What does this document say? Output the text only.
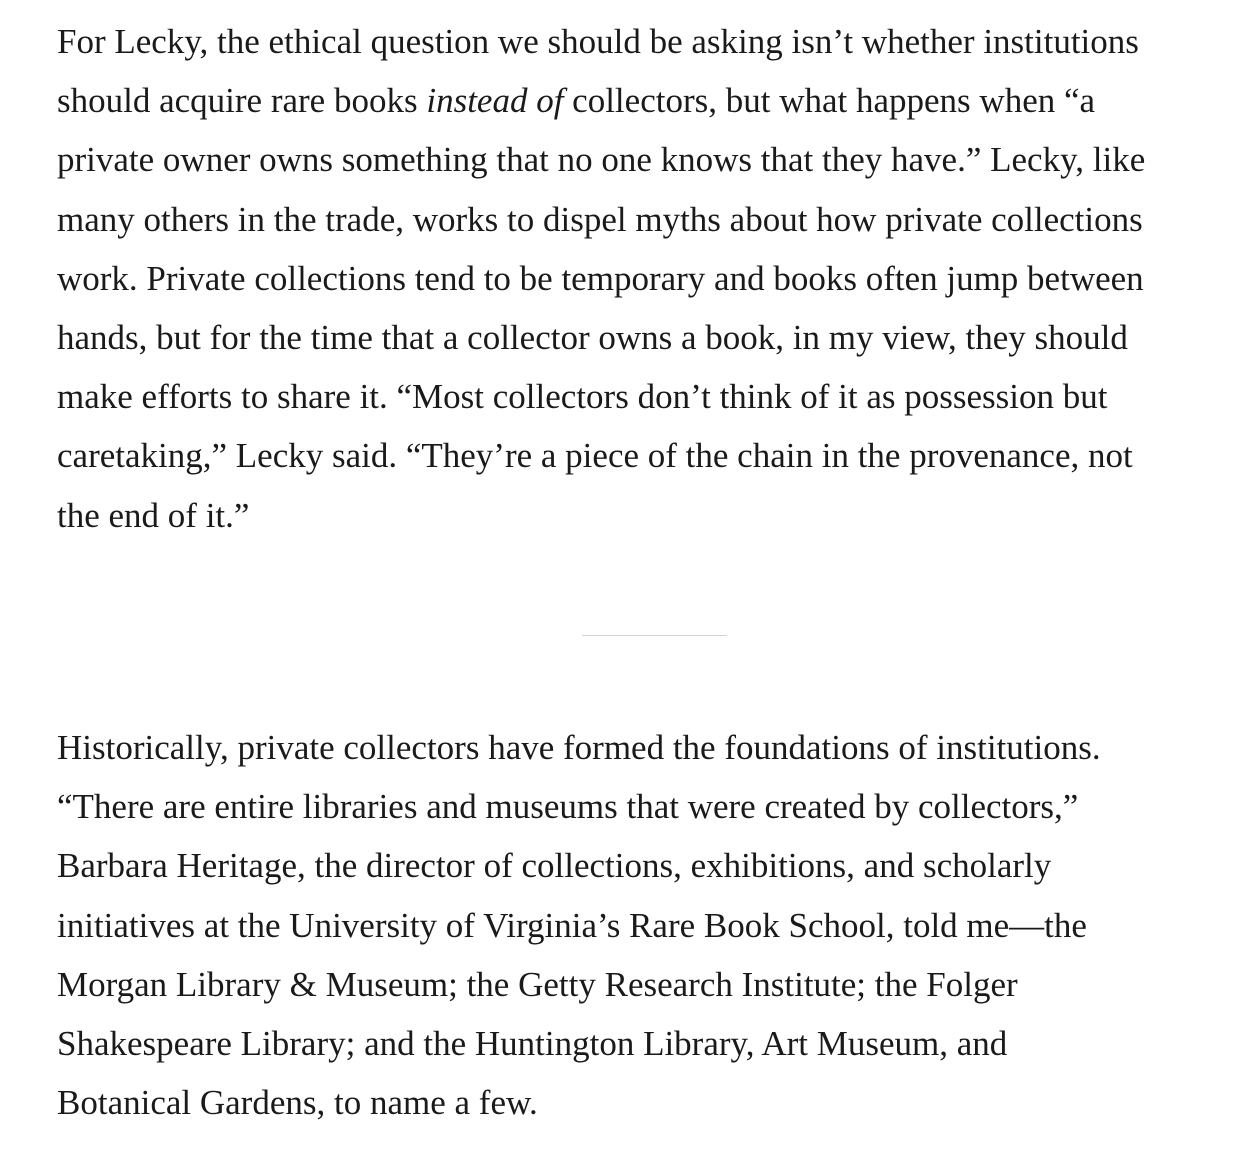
For Lecky, the ethical question we should be asking isn’t whether institutions
should acquire rare books instead of collectors, but what happens when “a
private owner owns something that no one knows that they have.” Lecky, like
many others in the trade, works to dispel myths about how private collections
work. Private collections tend to be temporary and books often jump between
hands, but for the time that a collector owns a book, in my view, they should
make efforts to share it. “Most collectors don’t think of it as possession but
caretaking,” Lecky said. “They’re a piece of the chain in the provenance, not
the end of it.”

Historically, private collectors have formed the foundations of institutions.
“There are entire libraries and museums that were created by collectors,”
Barbara Heritage, the director of collections, exhibitions, and scholarly
initiatives at the University of Virginia’s Rare Book School, told me—the
Morgan Library & Museum; the Getty Research Institute; the Folger
Shakespeare Library; and the Huntington Library, Art Museum, and
Botanical Gardens, to name a few.
